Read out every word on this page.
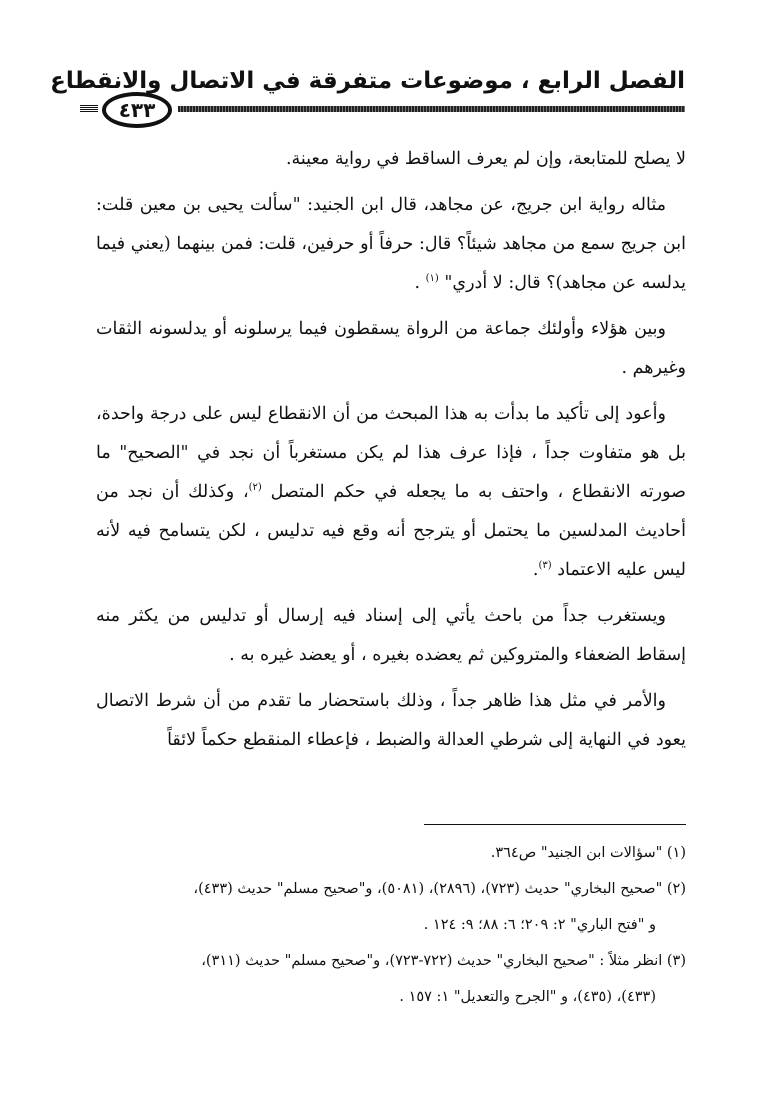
الفصل الرابع ، موضوعات متفرقة في الاتصال والانقطاع
٤٣٣

لا يصلح للمتابعة، وإن لم يعرف الساقط في رواية معينة.

مثاله رواية ابن جريج، عن مجاهد، قال ابن الجنيد: "سألت يحيى بن معين قلت: ابن جريج سمع من مجاهد شيئاً؟ قال: حرفاً أو حرفين، قلت: فمن بينهما (يعني فيما يدلسه عن مجاهد)؟ قال: لا أدري" $^{(١)}$ .

وبين هؤلاء وأولئك جماعة من الرواة يسقطون فيما يرسلونه أو يدلسونه الثقات وغيرهم .

وأعود إلى تأكيد ما بدأت به هذا المبحث من أن الانقطاع ليس على درجة واحدة، بل هو متفاوت جداً ، فإذا عرف هذا لم يكن مستغرباً أن نجد في "الصحيح" ما صورته الانقطاع ، واحتف به ما يجعله في حكم المتصل $^{(٢)}$، وكذلك أن نجد من أحاديث المدلسين ما يحتمل أو يترجح أنه وقع فيه تدليس ، لكن يتسامح فيه لأنه ليس عليه الاعتماد $^{(٣)}$.

ويستغرب جداً من باحث يأتي إلى إسناد فيه إرسال أو تدليس من يكثر منه إسقاط الضعفاء والمتروكين ثم يعضده بغيره ، أو يعضد غيره به .

والأمر في مثل هذا ظاهر جداً ، وذلك باستحضار ما تقدم من أن شرط الاتصال يعود في النهاية إلى شرطي العدالة والضبط ، فإعطاء المنقطع حكماً لائقاً

(١) "سؤالات ابن الجنيد" ص٣٦٤.
(٢) "صحيح البخاري" حديث (٧٢٣)، (٢٨٩٦)، (٥٠٨١)، و"صحيح مسلم" حديث (٤٣٣)،
و "فتح الباري" ٢: ٢٠٩؛ ٦: ٨٨؛ ٩: ١٢٤ .
(٣) انظر مثلاً : "صحيح البخاري" حديث (٧٢٢-٧٢٣)، و"صحيح مسلم" حديث (٣١١)،
(٤٣٣)، (٤٣٥)، و "الجرح والتعديل" ١: ١٥٧ .
